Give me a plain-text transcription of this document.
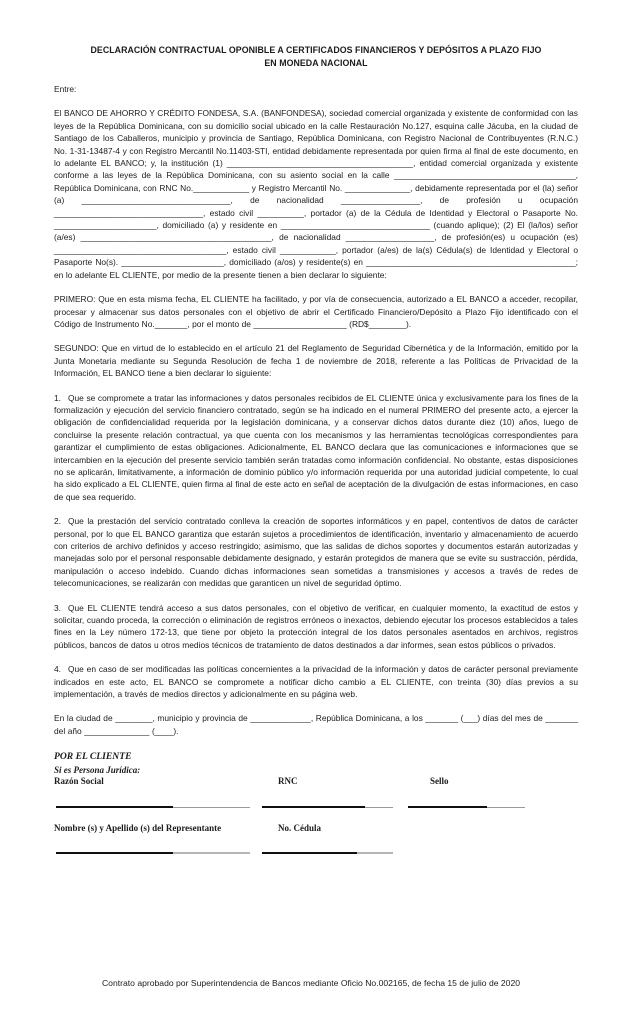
DECLARACIÓN CONTRACTUAL OPONIBLE A CERTIFICADOS FINANCIEROS Y DEPÓSITOS A PLAZO FIJO
EN MONEDA NACIONAL
Entre:

El BANCO DE AHORRO Y CRÉDITO FONDESA, S.A. (BANFONDESA), sociedad comercial organizada y existente de conformidad con las leyes de la República Dominicana, con su domicilio social ubicado en la calle Restauración No.127, esquina calle Jácuba, en la ciudad de Santiago de los Caballeros, municipio y provincia de Santiago, República Dominicana, con Registro Nacional de Contribuyentes (R.N.C.) No. 1-31-13487-4 y con Registro Mercantil No.11403-STI, entidad debidamente representada por quien firma al final de este documento, en lo adelante EL BANCO; y, la institución (1) ________________________________________, entidad comercial organizada y existente conforme a las leyes de la República Dominicana, con su asiento social en la calle _______________________________________, República Dominicana, con RNC No.____________ y Registro Mercantil No. ______________, debidamente representada por el (la) señor (a) ________________________________, de nacionalidad _________________, de profesión u ocupación ________________________________, estado civil __________, portador (a) de la Cédula de Identidad y Electoral o Pasaporte No. ______________________, domiciliado (a) y residente en ________________________________ (cuando aplique); (2) El (la/los) señor (a/es) _________________________________________, de nacionalidad ___________________, de profesión(es) u ocupación (es) _____________________________________, estado civil ____________, portador (a/es) de la(s) Cédula(s) de Identidad y Electoral o Pasaporte No(s). ______________________, domiciliado (a/os) y residente(s) en _____________________________________________; en lo adelante EL CLIENTE, por medio de la presente tienen a bien declarar lo siguiente:

PRIMERO: Que en esta misma fecha, EL CLIENTE ha facilitado, y por vía de consecuencia, autorizado a EL BANCO a acceder, recopilar, procesar y almacenar sus datos personales con el objetivo de abrir el Certificado Financiero/Depósito a Plazo Fijo identificado con el Código de Instrumento No._______, por el monto de ____________________ (RD$________).

SEGUNDO: Que en virtud de lo establecido en el artículo 21 del Reglamento de Seguridad Cibernética y de la Información, emitido por la Junta Monetaria mediante su Segunda Resolución de fecha 1 de noviembre de 2018, referente a las Políticas de Privacidad de la Información, EL BANCO tiene a bien declarar lo siguiente:

1. Que se compromete a tratar las informaciones y datos personales recibidos de EL CLIENTE única y exclusivamente para los fines de la formalización y ejecución del servicio financiero contratado, según se ha indicado en el numeral PRIMERO del presente acto, a ejercer la obligación de confidencialidad requerida por la legislación dominicana, y a conservar dichos datos durante diez (10) años, luego de concluirse la presente relación contractual, ya que cuenta con los mecanismos y las herramientas tecnológicas correspondientes para garantizar el cumplimiento de estas obligaciones. Adicionalmente, EL BANCO declara que las comunicaciones e informaciones que se intercambien en la ejecución del presente servicio también serán tratadas como información confidencial. No obstante, estas disposiciones no se aplicarán, limitativamente, a información de dominio público y/o información requerida por una autoridad judicial competente, lo cual ha sido explicado a EL CLIENTE, quien firma al final de este acto en señal de aceptación de la divulgación de estas informaciones, en caso de que sea requerido.

2. Que la prestación del servicio contratado conlleva la creación de soportes informáticos y en papel, contentivos de datos de carácter personal, por lo que EL BANCO garantiza que estarán sujetos a procedimientos de identificación, inventario y almacenamiento de acuerdo con criterios de archivo definidos y acceso restringido; asimismo, que las salidas de dichos soportes y documentos estarán autorizadas y manejadas solo por el personal responsable debidamente designado, y estarán protegidos de manera que se evite su sustracción, pérdida, manipulación o acceso indebido. Cuando dichas informaciones sean sometidas a transmisiones y accesos a través de redes de telecomunicaciones, se realizarán con medidas que garanticen un nivel de seguridad óptimo.

3. Que EL CLIENTE tendrá acceso a sus datos personales, con el objetivo de verificar, en cualquier momento, la exactitud de estos y solicitar, cuando proceda, la corrección o eliminación de registros erróneos o inexactos, debiendo ejecutar los procesos establecidos a tales fines en la Ley número 172-13, que tiene por objeto la protección integral de los datos personales asentados en archivos, registros públicos, bancos de datos u otros medios técnicos de tratamiento de datos destinados a dar informes, sean estos públicos o privados.

4. Que en caso de ser modificadas las políticas concernientes a la privacidad de la información y datos de carácter personal previamente indicados en este acto, EL BANCO se compromete a notificar dicho cambio a EL CLIENTE, con treinta (30) días previos a su implementación, a través de medios directos y adicionalmente en su página web.

En la ciudad de ________, municipio y provincia de _____________, República Dominicana, a los _______ (___) días del mes de _______ del año ______________ (____).

POR EL CLIENTE
Si es Persona Jurídica:
Razón Social	RNC	Sello
Nombre (s) y Apellido (s) del Representante	No. Cédula
Contrato aprobado por Superintendencia de Bancos mediante Oficio No.002165, de fecha 15 de julio de 2020
